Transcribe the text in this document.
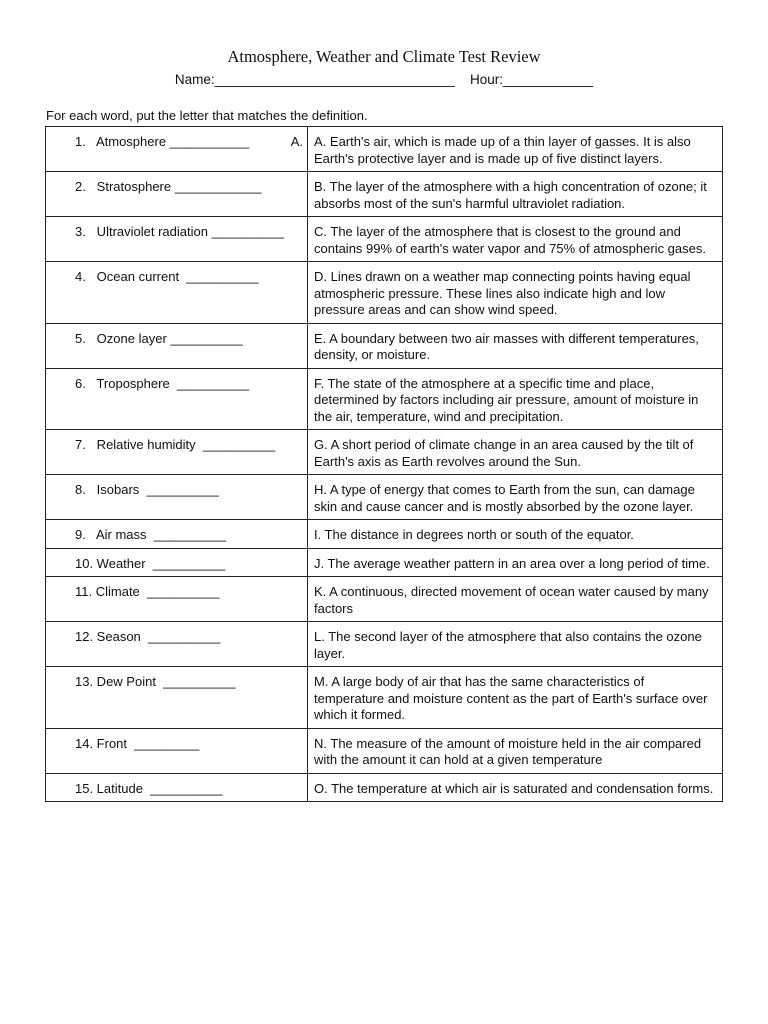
Atmosphere, Weather and Climate Test Review
Name:________________________________ Hour:____________
For each word, put the letter that matches the definition.
1.   Atmosphere ___________ A.	A. Earth's air, which is made up of a thin layer of gasses. It is also Earth's protective layer and is made up of five distinct layers.
2.   Stratosphere ____________	B. The layer of the atmosphere with a high concentration of ozone; it absorbs most of the sun's harmful ultraviolet radiation.
3.   Ultraviolet radiation __________	C. The layer of the atmosphere that is closest to the ground and contains 99% of earth's water vapor and 75% of atmospheric gases.
4.   Ocean current  __________	D. Lines drawn on a weather map connecting points having equal atmospheric pressure. These lines also indicate high and low pressure areas and can show wind speed.
5.   Ozone layer __________	E. A boundary between two air masses with different temperatures, density, or moisture.
6.   Troposphere  __________	F. The state of the atmosphere at a specific time and place, determined by factors including air pressure, amount of moisture in the air, temperature, wind and precipitation.
7.   Relative humidity  __________	G. A short period of climate change in an area caused by the tilt of Earth's axis as Earth revolves around the Sun.
8.   Isobars  __________	H. A type of energy that comes to Earth from the sun, can damage skin and cause cancer and is mostly absorbed by the ozone layer.
9.   Air mass  __________	I. The distance in degrees north or south of the equator.
10. Weather  __________	J. The average weather pattern in an area over a long period of time.
11. Climate  __________	K. A continuous, directed movement of ocean water caused by many factors
12. Season  __________	L. The second layer of the atmosphere that also contains the ozone layer.
13. Dew Point  __________	M. A large body of air that has the same characteristics of temperature and moisture content as the part of Earth's surface over which it formed.
14. Front  _________	N. The measure of the amount of moisture held in the air compared with the amount it can hold at a given temperature
15. Latitude  __________	O. The temperature at which air is saturated and condensation forms.
